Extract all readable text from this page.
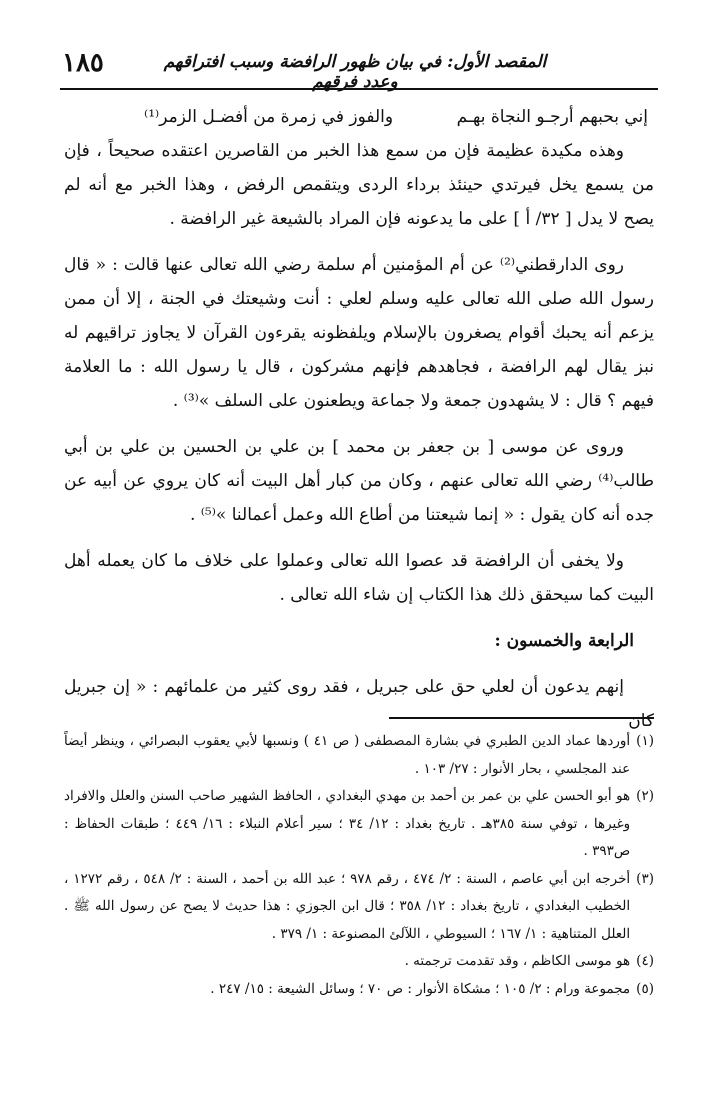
١٨٥	المقصد الأول: في بيان ظهور الرافضة وسبب افتراقهم وعدد فرقهم
إني بحبهم أرجـو النجاة بهـم
والفوز في زمرة من أفضـل الزمر⁽¹⁾

وهذه مكيدة عظيمة فإن من سمع هذا الخبر من القاصرين اعتقده صحيحاً ، فإن من يسمع يخل فيرتدي حينئذ برداء الردى ويتقمص الرفض ، وهذا الخبر مع أنه لم يصح لا يدل [ ٣٢/ أ ] على ما يدعونه فإن المراد بالشيعة غير الرافضة .

روى الدارقطني⁽²⁾ عن أم المؤمنين أم سلمة رضي الله تعالى عنها قالت : « قال رسول الله صلى الله تعالى عليه وسلم لعلي : أنت وشيعتك في الجنة ، إلا أن ممن يزعم أنه يحبك أقوام يصغرون بالإسلام ويلفظونه يقرءون القرآن لا يجاوز تراقيهم له نبز يقال لهم الرافضة ، فجاهدهم فإنهم مشركون ، قال يا رسول الله : ما العلامة فيهم ؟ قال : لا يشهدون جمعة ولا جماعة ويطعنون على السلف »⁽³⁾ .

وروى عن موسى [ بن جعفر بن محمد ] بن علي بن الحسين بن علي بن أبي طالب⁽⁴⁾ رضي الله تعالى عنهم ، وكان من كبار أهل البيت أنه كان يروي عن أبيه عن جده أنه كان يقول : « إنما شيعتنا من أطاع الله وعمل أعمالنا »⁽⁵⁾ .

ولا يخفى أن الرافضة قد عصوا الله تعالى وعملوا على خلاف ما كان يعمله أهل البيت كما سيحقق ذلك هذا الكتاب إن شاء الله تعالى .

الرابعة والخمسون :

إنهم يدعون أن لعلي حق على جبريل ، فقد روى كثير من علمائهم : « إن جبريل كان

(١)
أوردها عماد الدين الطبري في بشارة المصطفى ( ص ٤١ ) ونسبها لأبي يعقوب البصرائي ، وينظر أيضاً عند المجلسي ، بحار الأنوار : ٢٧/ ١٠٣ .
(٢)
هو أبو الحسن علي بن عمر بن أحمد بن مهدي البغدادي ، الحافظ الشهير صاحب السنن والعلل والافراد وغيرها ، توفي سنة ٣٨٥هـ . تاريخ بغداد : ١٢/ ٣٤ ؛ سير أعلام النبلاء : ١٦/ ٤٤٩ ؛ طبقات الحفاظ : ص٣٩٣ .
(٣)
أخرجه ابن أبي عاصم ، السنة : ٢/ ٤٧٤ ، رقم ٩٧٨ ؛ عبد الله بن أحمد ، السنة : ٢/ ٥٤٨ ، رقم ١٢٧٢ ، الخطيب البغدادي ، تاريخ بغداد : ١٢/ ٣٥٨ ؛ قال ابن الجوزي : هذا حديث لا يصح عن رسول الله ﷺ . العلل المتناهية : ١/ ١٦٧ ؛ السيوطي ، اللآلئ المصنوعة : ١/ ٣٧٩ .
(٤)
هو موسى الكاظم ، وقد تقدمت ترجمته .
(٥)
مجموعة ورام : ٢/ ١٠٥ ؛ مشكاة الأنوار : ص ٧٠ ؛ وسائل الشيعة : ١٥/ ٢٤٧ .
